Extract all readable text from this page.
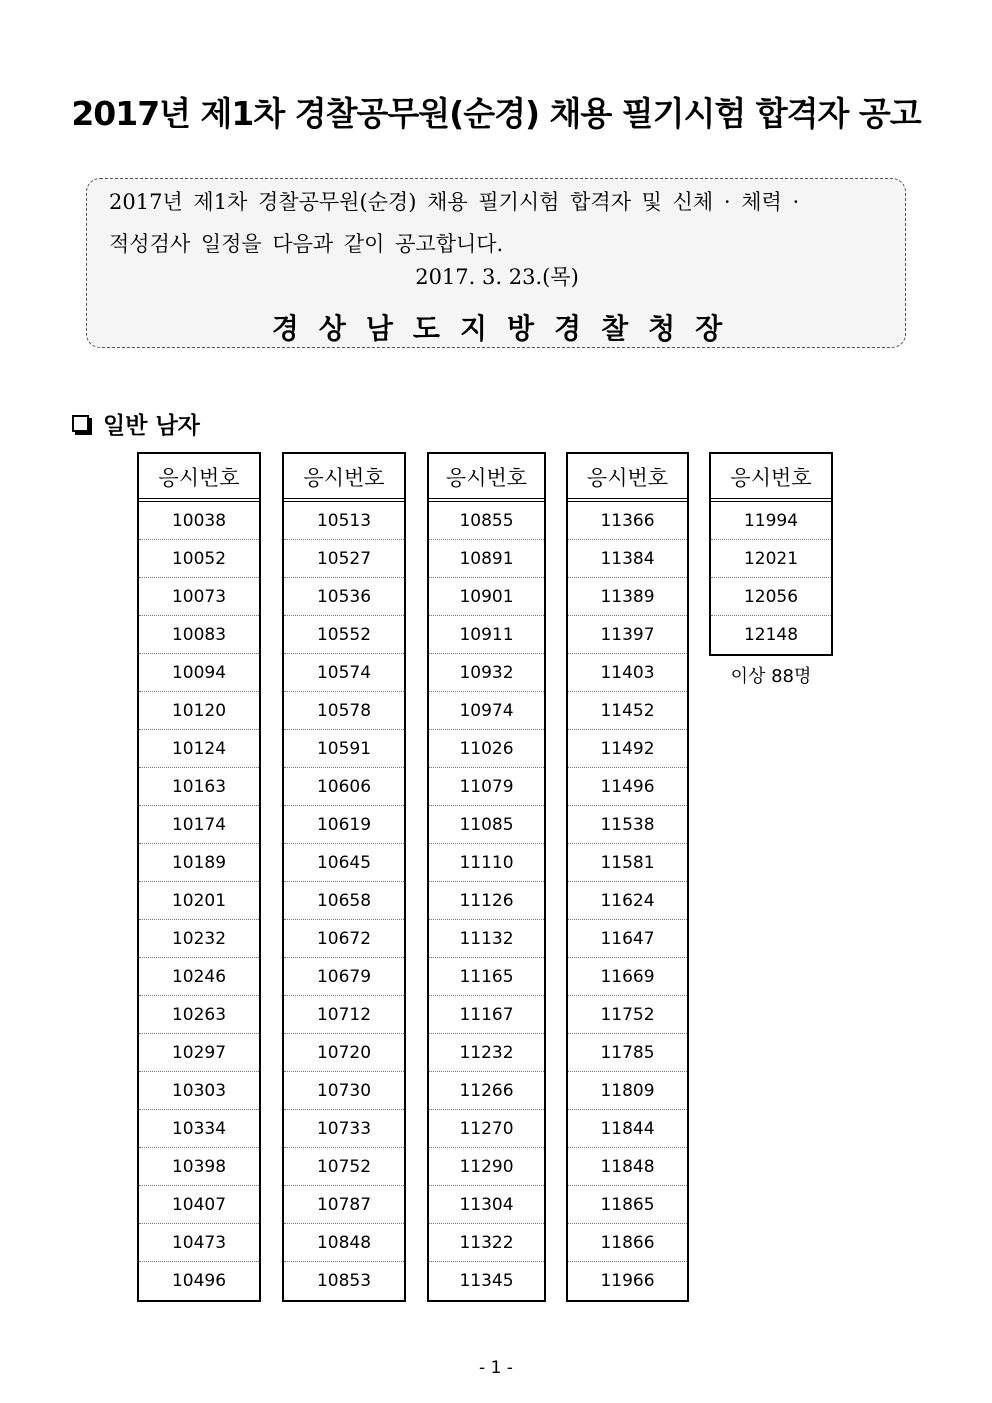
2017년 제1차 경찰공무원(순경) 채용 필기시험 합격자 공고
2017년 제1차 경찰공무원(순경) 채용 필기시험 합격자 및 신체 · 체력 ·
적성검사 일정을 다음과 같이 공고합니다.
2017. 3. 23.(목)
경상남도지방경찰청장
일반 남자
응시번호
10038
10052
10073
10083
10094
10120
10124
10163
10174
10189
10201
10232
10246
10263
10297
10303
10334
10398
10407
10473
10496
응시번호
10513
10527
10536
10552
10574
10578
10591
10606
10619
10645
10658
10672
10679
10712
10720
10730
10733
10752
10787
10848
10853
응시번호
10855
10891
10901
10911
10932
10974
11026
11079
11085
11110
11126
11132
11165
11167
11232
11266
11270
11290
11304
11322
11345
응시번호
11366
11384
11389
11397
11403
11452
11492
11496
11538
11581
11624
11647
11669
11752
11785
11809
11844
11848
11865
11866
11966
응시번호
11994
12021
12056
12148
이상 88명
- 1 -
